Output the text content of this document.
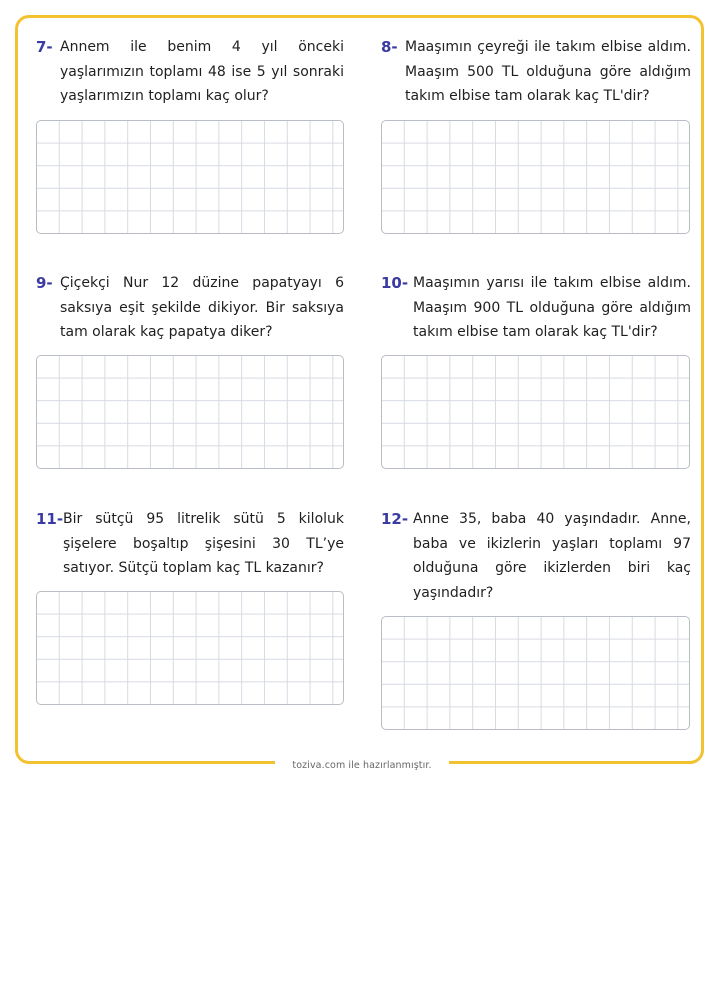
7- Annem ile benim 4 yıl önceki yaşlarımızın toplamı 48 ise 5 yıl sonraki yaşlarımızın toplamı kaç olur?
8- Maaşımın çeyreği ile takım elbise aldım. Maaşım 500 TL olduğuna göre aldığım takım elbise tam olarak kaç TL'dir?
9- Çiçekçi Nur 12 düzine papatyayı 6 saksıya eşit şekilde dikiyor. Bir saksıya tam olarak kaç papatya diker?
10- Maaşımın yarısı ile takım elbise aldım. Maaşım 900 TL olduğuna göre aldığım takım elbise tam olarak kaç TL'dir?
11- Bir sütçü 95 litrelik sütü 5 kiloluk şişelere boşaltıp şişesini 30 TL’ye satıyor. Sütçü toplam kaç TL kazanır?
12- Anne 35, baba 40 yaşındadır. Anne, baba ve ikizlerin yaşları toplamı 97 olduğuna göre ikizlerden biri kaç yaşındadır?
toziva.com ile hazırlanmıştır.
